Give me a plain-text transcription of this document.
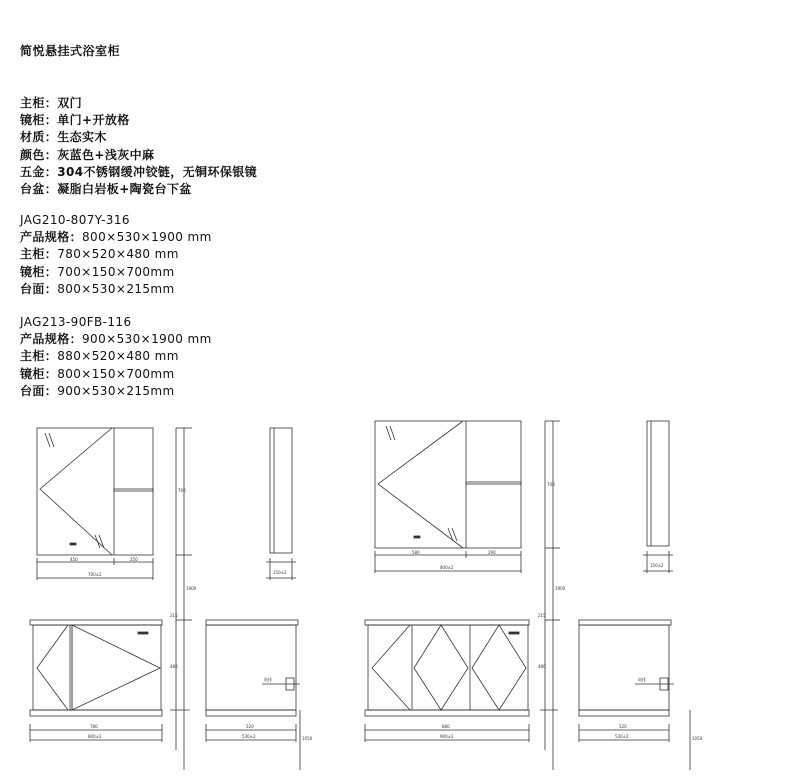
简悦悬挂式浴室柜
主柜：双门
镜柜：单门+开放格
材质：生态实木
颜色：灰蓝色+浅灰中麻
五金：304不锈钢缓冲铰链，无铜环保银镜
台盆：凝脂白岩板+陶瓷台下盆
JAG210-807Y-316
产品规格：800×530×1900 mm
主柜：780×520×480 mm
镜柜：700×150×700mm
台面：800×530×215mm
JAG213-90FB-116
产品规格：900×530×1900 mm
主柜：880×520×480 mm
镜柜：800×150×700mm
台面：900×530×215mm
450	250
700±2
700
1900
215
480
150±2
780
800±2
520
530±2
地排
1050
580	290
800±2
700
1900
215
480
150±2
880
900±2
520
530±2
地排
1050
